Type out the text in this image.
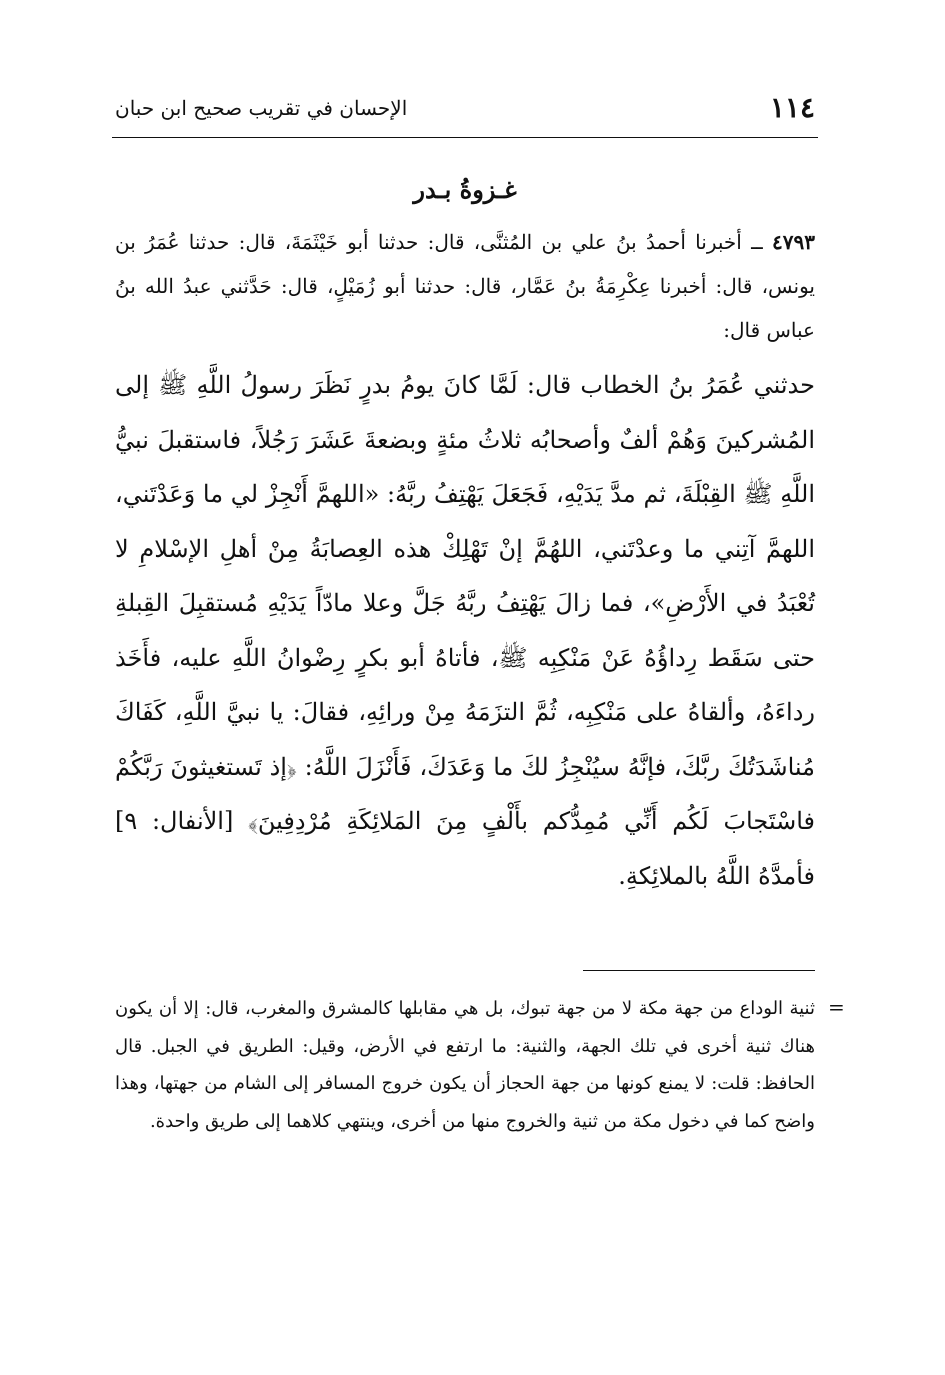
١١٤
الإحسان في تقريب صحيح ابن حبان
غـزوةُ بـدر

٤٧٩٣ ــ أخبرنا أحمدُ بنُ علي بن المُثنَّى، قال: حدثنا أبو خَيْثَمَةَ، قال: حدثنا عُمَرُ بن يونس، قال: أخبرنا عِكْرِمَةُ بنُ عَمَّار، قال: حدثنا أبو زُمَيْلٍ، قال: حَدَّثني عبدُ الله بنُ عباس قال:

حدثني عُمَرُ بنُ الخطاب قال: لَمَّا كانَ يومُ بدرٍ نَظَرَ رسولُ اللَّهِ ﷺ إلى المُشركينَ وَهُمْ ألفٌ وأصحابُه ثلاثُ مئةٍ وبضعةَ عَشَرَ رَجُلاً، فاستقبلَ نبيُّ اللَّهِ ﷺ القِبْلَةَ، ثم مدَّ يَدَيْهِ، فَجَعَلَ يَهْتِفُ ربَّهُ: «اللهمَّ أَنْجِزْ لي ما وَعَدْتَني، اللهمَّ آتِني ما وعدْتَني، اللهُمَّ إنْ تَهْلِكْ هذه العِصابَةُ مِنْ أهلِ الإسْلامِ لا تُعْبَدُ في الأَرْضِ»، فما زالَ يَهْتِفُ ربَّهُ جَلَّ وعلا مادّاً يَدَيْهِ مُستقبِلَ القِبلةِ حتى سَقَط رِداؤُهُ عَنْ مَنْكِبِه ﷺ، فأتاهُ أبو بكرٍ رِضْوانُ اللَّهِ عليه، فأَخَذ رداءَهُ، وألقاهُ على مَنْكِبِه، ثُمَّ التزَمَهُ مِنْ ورائِهِ، فقالَ: يا نبيَّ اللَّهِ، كَفَاكَ مُناشَدَتُكَ ربَّكَ، فإنَّهُ سيُنْجِزُ لكَ ما وَعَدَكَ، فَأَنْزَلَ اللَّهُ: ﴿إذ تَستغيثونَ رَبَّكُمْ فاسْتَجابَ لَكُم أَنِّي مُمِدُّكم بأَلْفٍ مِنَ المَلائِكَةِ مُرْدِفِينَ﴾ [الأنفال: ٩] فأمدَّهُ اللَّهُ بالملائِكةِ.

=

ثنية الوداع من جهة مكة لا من جهة تبوك، بل هي مقابلها كالمشرق والمغرب، قال: إلا أن يكون هناك ثنية أخرى في تلك الجهة، والثنية: ما ارتفع في الأرض، وقيل: الطريق في الجبل. قال الحافظ: قلت: لا يمنع كونها من جهة الحجاز أن يكون خروج المسافر إلى الشام من جهتها، وهذا واضح كما في دخول مكة من ثنية والخروج منها من أخرى، وينتهي كلاهما إلى طريق واحدة.
